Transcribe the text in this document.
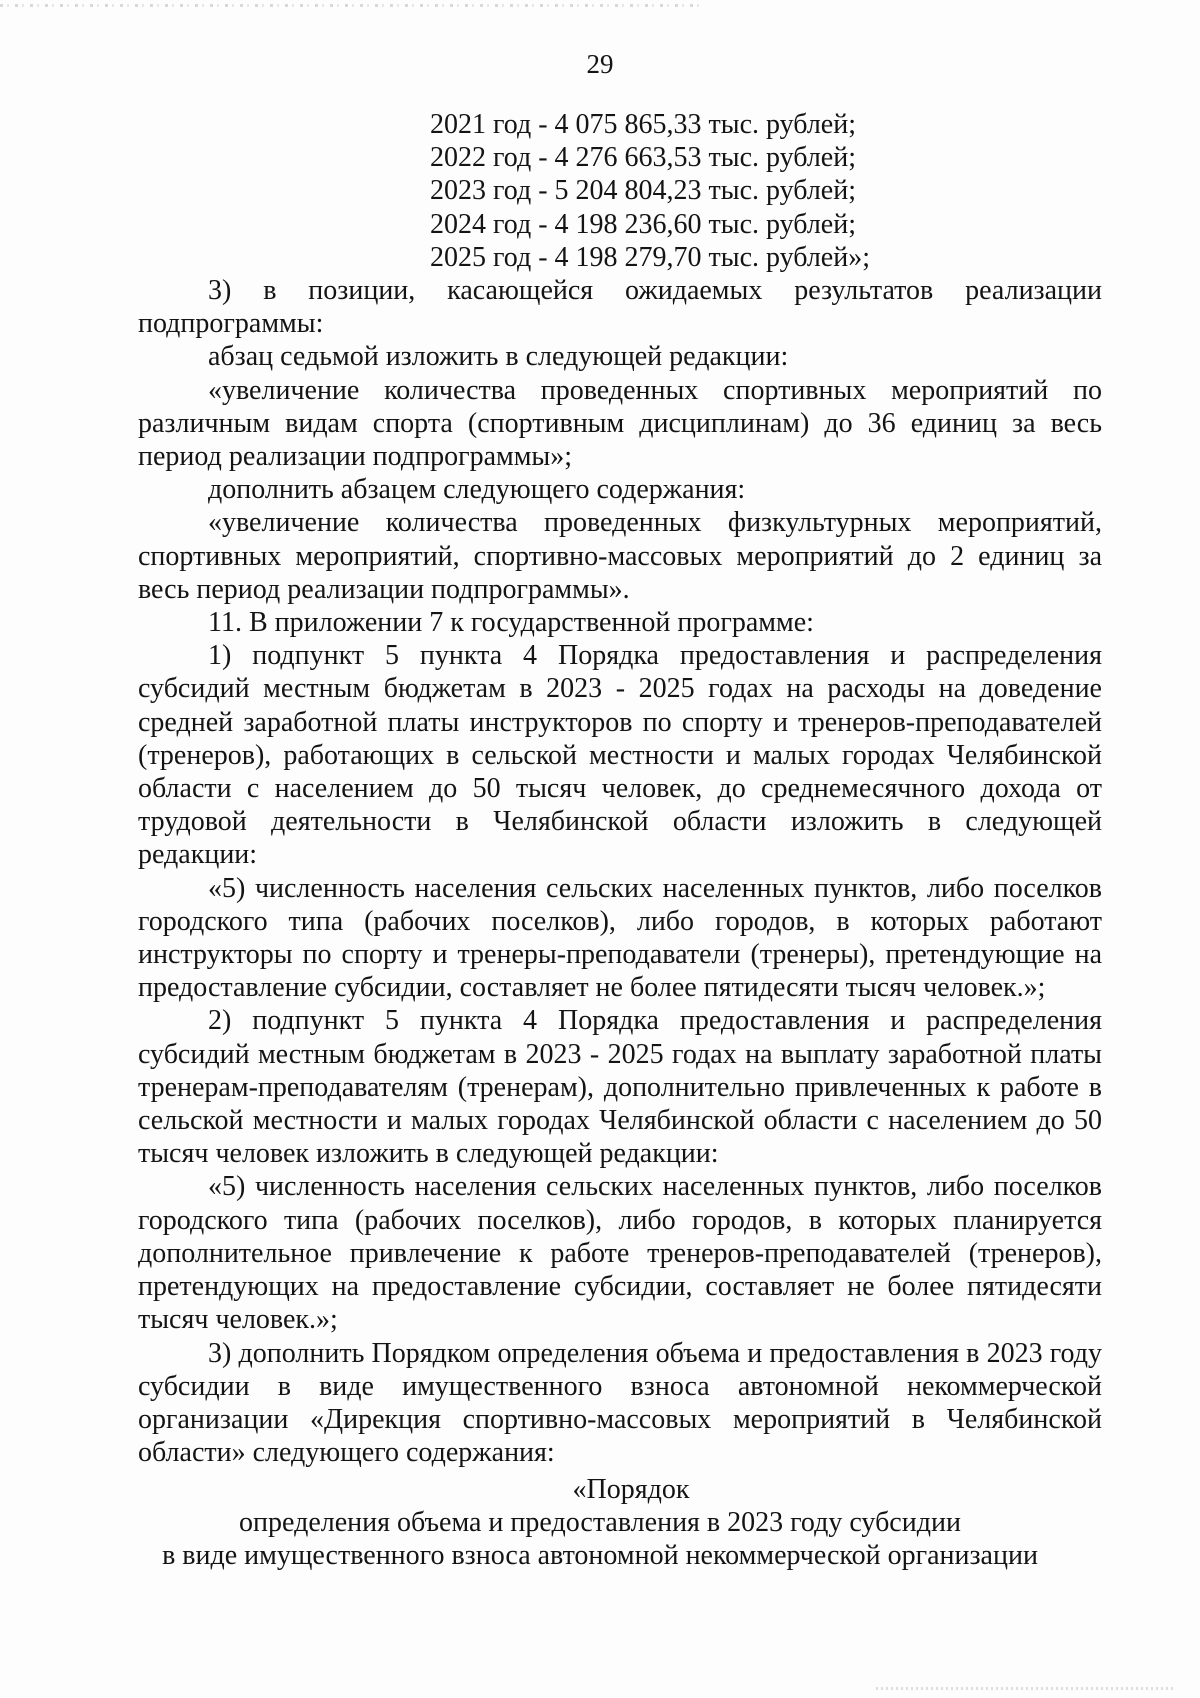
29
2021 год - 4 075 865,33 тыс. рублей;
2022 год - 4 276 663,53 тыс. рублей;
2023 год - 5 204 804,23 тыс. рублей;
2024 год - 4 198 236,60 тыс. рублей;
2025 год - 4 198 279,70 тыс. рублей»;

3) в позиции, касающейся ожидаемых результатов реализации подпрограммы:

абзац седьмой изложить в следующей редакции:

«увеличение количества проведенных спортивных мероприятий по различным видам спорта (спортивным дисциплинам) до 36 единиц за весь период реализации подпрограммы»;

дополнить абзацем следующего содержания:

«увеличение количества проведенных физкультурных мероприятий, спортивных мероприятий, спортивно-массовых мероприятий до 2 единиц за весь период реализации подпрограммы».

11. В приложении 7 к государственной программе:

1) подпункт 5 пункта 4 Порядка предоставления и распределения субсидий местным бюджетам в 2023 - 2025 годах на расходы на доведение средней заработной платы инструкторов по спорту и тренеров-преподавателей (тренеров), работающих в сельской местности и малых городах Челябинской области с населением до 50 тысяч человек, до среднемесячного дохода от трудовой деятельности в Челябинской области изложить в следующей редакции:

«5) численность населения сельских населенных пунктов, либо поселков городского типа (рабочих поселков), либо городов, в которых работают инструкторы по спорту и тренеры-преподаватели (тренеры), претендующие на предоставление субсидии, составляет не более пятидесяти тысяч человек.»;

2) подпункт 5 пункта 4 Порядка предоставления и распределения субсидий местным бюджетам в 2023 - 2025 годах на выплату заработной платы тренерам-преподавателям (тренерам), дополнительно привлеченных к работе в сельской местности и малых городах Челябинской области с населением до 50 тысяч человек изложить в следующей редакции:

«5) численность населения сельских населенных пунктов, либо поселков городского типа (рабочих поселков), либо городов, в которых планируется дополнительное привлечение к работе тренеров-преподавателей (тренеров), претендующих на предоставление субсидии, составляет не более пятидесяти тысяч человек.»;

3) дополнить Порядком определения объема и предоставления в 2023 году субсидии в виде имущественного взноса автономной некоммерческой организации «Дирекция спортивно-массовых мероприятий в Челябинской области» следующего содержания:

«Порядок
определения объема и предоставления в 2023 году субсидии
в виде имущественного взноса автономной некоммерческой организации
